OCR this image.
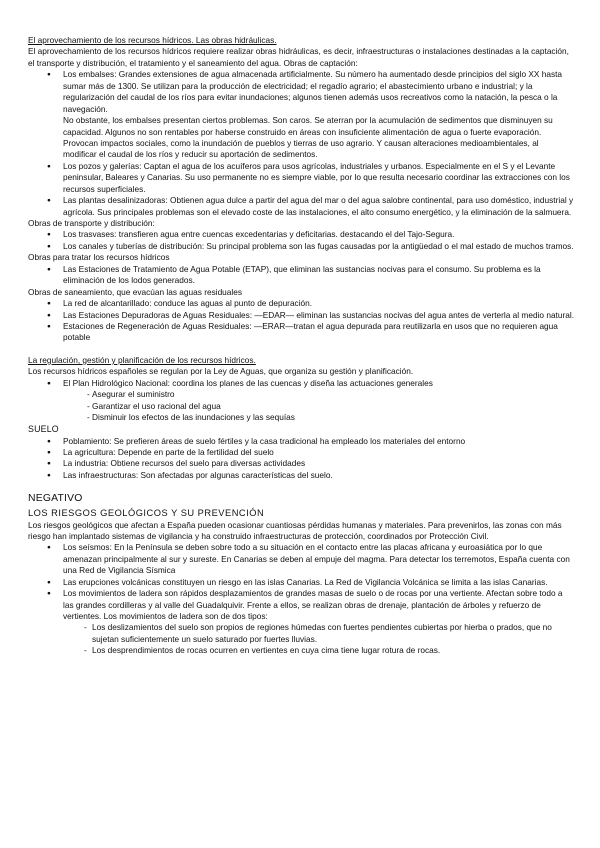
El aprovechamiento de los recursos hídricos. Las obras hidráulicas.

El aprovechamiento de los recursos hídricos requiere realizar obras hidráulicas, es decir, infraestructuras o instalaciones destinadas a la captación, el transporte y distribución, el tratamiento y el saneamiento del agua. Obras de captación:

● Los embalses: Grandes extensiones de agua almacenada artificialmente. Su número ha aumentado desde principios del siglo XX hasta sumar más de 1300. Se utilizan para la producción de electricidad; el regadío agrario; el abastecimiento urbano e industrial; y la regularización del caudal de los ríos para evitar inundaciones; algunos tienen además usos recreativos como la natación, la pesca o la navegación.

No obstante, los embalses presentan ciertos problemas. Son caros. Se aterran por la acumulación de sedimentos que disminuyen su capacidad. Algunos no son rentables por haberse construido en áreas con insuficiente alimentación de agua o fuerte evaporación. Provocan impactos sociales, como la inundación de pueblos y tierras de uso agrario. Y causan alteraciones medioambientales, al modificar el caudal de los ríos y reducir su aportación de sedimentos.

● Los pozos y galerías: Captan el agua de los acuíferos para usos agrícolas, industriales y urbanos. Especialmente en el S y el Levante peninsular, Baleares y Canarias. Su uso permanente no es siempre viable, por lo que resulta necesario coordinar las extracciones con los recursos superficiales.
● Las plantas desalinizadoras: Obtienen agua dulce a partir del agua del mar o del agua salobre continental, para uso doméstico, industrial y agrícola. Sus principales problemas son el elevado coste de las instalaciones, el alto consumo energético, y la eliminación de la salmuera.

Obras de transporte y distribución:

● Los trasvases: transfieren agua entre cuencas excedentarias y deficitarias. destacando el del Tajo-Segura.
● Los canales y tuberías de distribución: Su principal problema son las fugas causadas por la antigüedad o el mal estado de muchos tramos.

Obras para tratar los recursos hídricos

● Las Estaciones de Tratamiento de Agua Potable (ETAP), que eliminan las sustancias nocivas para el consumo. Su problema es la eliminación de los lodos generados.

Obras de saneamiento, que evacúan las aguas residuales

● La red de alcantarillado: conduce las aguas al punto de depuración.
● Las Estaciones Depuradoras de Aguas Residuales: —EDAR— eliminan las sustancias nocivas del agua antes de verterla al medio natural.
● Estaciones de Regeneración de Aguas Residuales: —ERAR—tratan el agua depurada para reutilizarla en usos que no requieren agua potable

La regulación, gestión y planificación de los recursos hídricos.

Los recursos hídricos españoles se regulan por la Ley de Aguas, que organiza su gestión y planificación.

● El Plan Hidrológico Nacional: coordina los planes de las cuencas y diseña las actuaciones generales
- Asegurar el suministro
- Garantizar el uso racional del agua
- Disminuir los efectos de las inundaciones y las sequías

SUELO

● Poblamiento: Se prefieren áreas de suelo fértiles y la casa tradicional ha empleado los materiales del entorno
● La agricultura: Depende en parte de la fertilidad del suelo
● La industria: Obtiene recursos del suelo para diversas actividades
● Las infraestructuras: Son afectadas por algunas características del suelo.

NEGATIVO

LOS RIESGOS GEOLÓGICOS Y SU PREVENCIÓN

Los riesgos geológicos que afectan a España pueden ocasionar cuantiosas pérdidas humanas y materiales. Para prevenirlos, las zonas con más riesgo han implantado sistemas de vigilancia y ha construido infraestructuras de protección, coordinados por Protección Civil.

● Los seísmos: En la Península se deben sobre todo a su situación en el contacto entre las placas africana y euroasiática por lo que amenazan principalmente al sur y sureste. En Canarias se deben al empuje del magma. Para detectar los terremotos, España cuenta con una Red de Vigilancia Sísmica
● Las erupciones volcánicas constituyen un riesgo en las islas Canarias. La Red de Vigilancia Volcánica se limita a las islas Canarias.
● Los movimientos de ladera son rápidos desplazamientos de grandes masas de suelo o de rocas por una vertiente. Afectan sobre todo a las grandes cordilleras y al valle del Guadalquivir. Frente a ellos, se realizan obras de drenaje, plantación de árboles y refuerzo de vertientes. Los movimientos de ladera son de dos tipos:
- Los deslizamientos del suelo son propios de regiones húmedas con fuertes pendientes cubiertas por hierba o prados, que no sujetan suficientemente un suelo saturado por fuertes lluvias.
- Los desprendimientos de rocas ocurren en vertientes en cuya cima tiene lugar rotura de rocas.
